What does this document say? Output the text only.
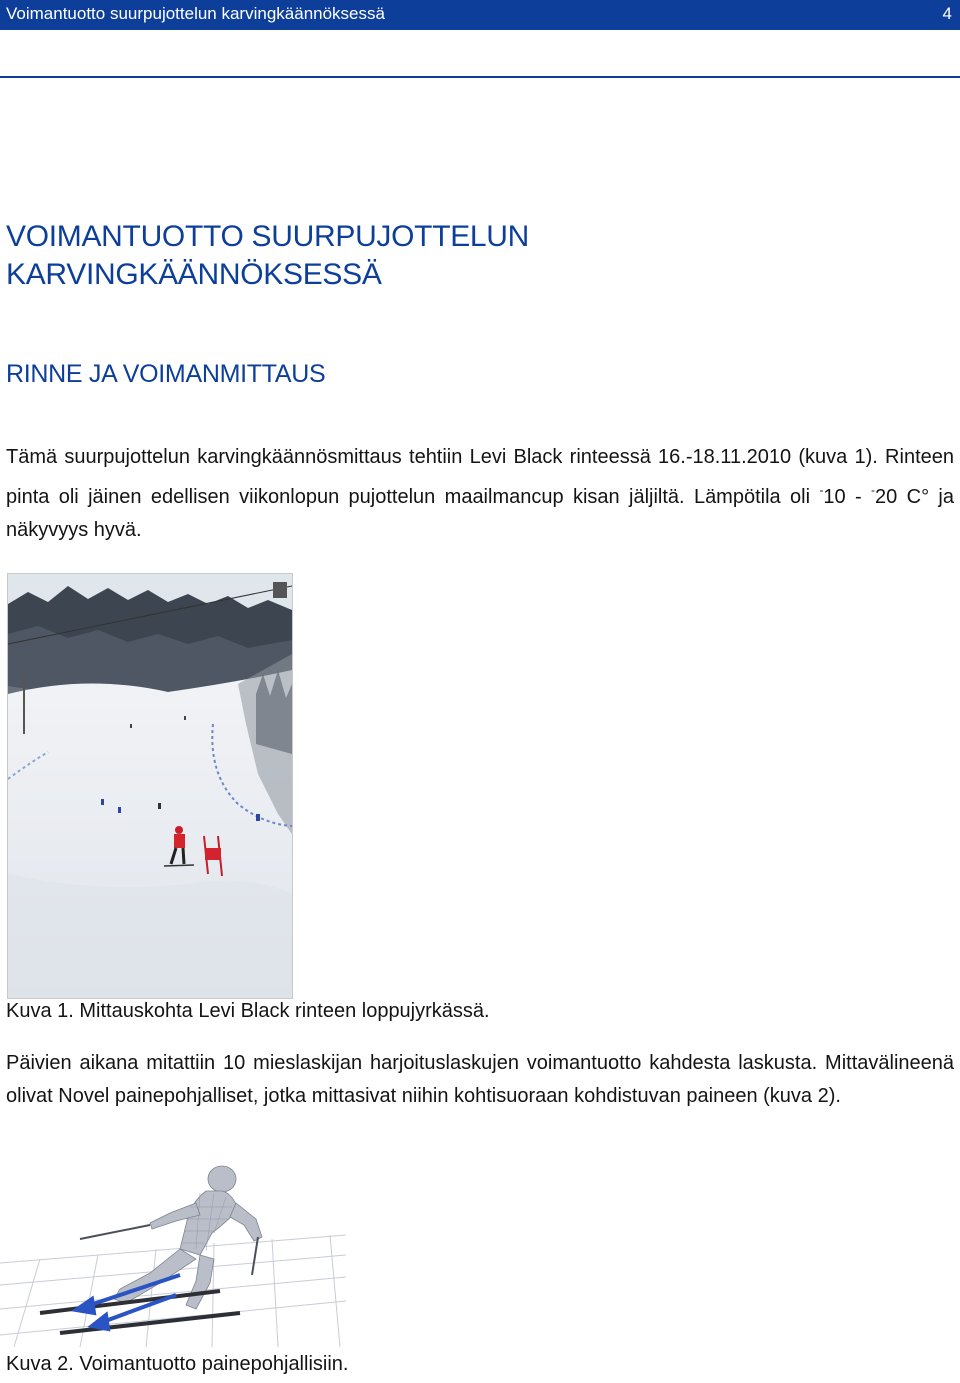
Voimantuotto suurpujottelun karvingkäännöksessä	4
VOIMANTUOTTO SUURPUJOTTELUN
KARVINGKÄÄNNÖKSESSÄ
RINNE JA VOIMANMITTAUS

Tämä suurpujottelun karvingkäännösmittaus tehtiin Levi Black rinteessä 16.-18.11.2010 (kuva 1). Rinteen pinta oli jäinen edellisen viikonlopun pujottelun maailmancup kisan jäljiltä. Lämpötila oli -10 - -20 C° ja näkyvyys hyvä.

Kuva 1. Mittauskohta Levi Black rinteen loppujyrkässä.

Päivien aikana mitattiin 10 mieslaskijan harjoituslaskujen voimantuotto kahdesta laskusta. Mittavälineenä olivat Novel painepohjalliset, jotka mittasivat niihin kohtisuoraan kohdistuvan paineen (kuva 2).

Kuva 2. Voimantuotto painepohjallisiin.
